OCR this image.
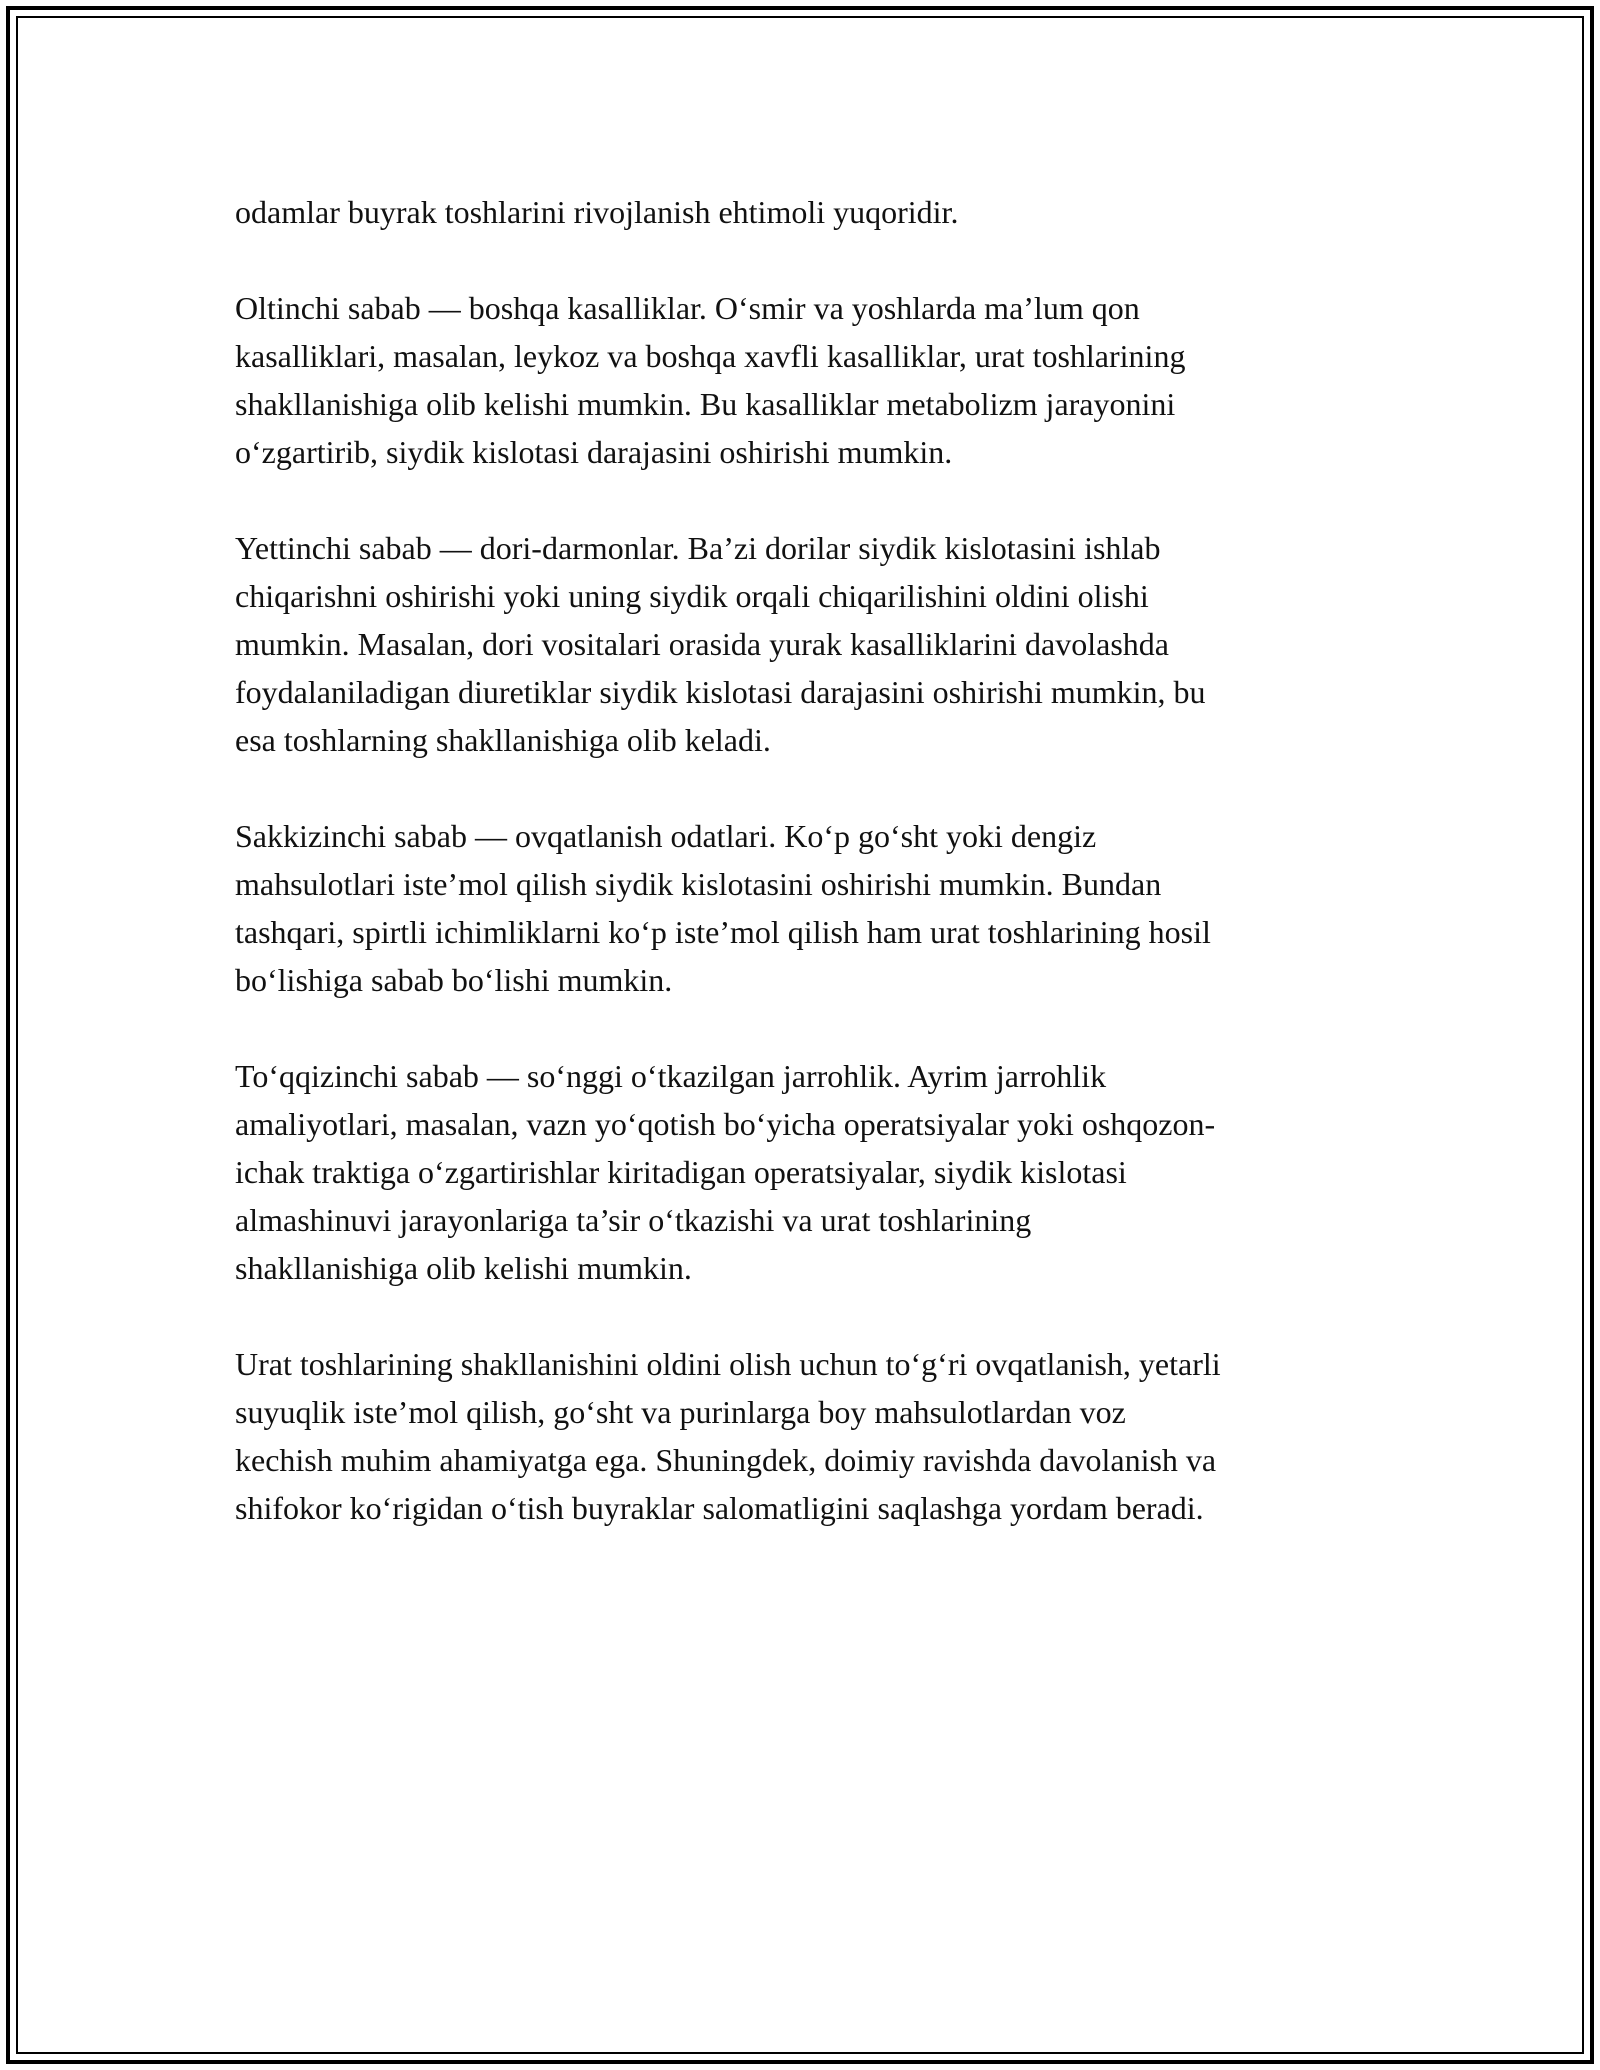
odamlar buyrak toshlarini rivojlanish ehtimoli yuqoridir.

Oltinchi sabab — boshqa kasalliklar. O‘smir va yoshlarda ma’lum qon
kasalliklari, masalan, leykoz va boshqa xavfli kasalliklar, urat toshlarining
shakllanishiga olib kelishi mumkin. Bu kasalliklar metabolizm jarayonini
o‘zgartirib, siydik kislotasi darajasini oshirishi mumkin.

Yettinchi sabab — dori-darmonlar. Ba’zi dorilar siydik kislotasini ishlab
chiqarishni oshirishi yoki uning siydik orqali chiqarilishini oldini olishi
mumkin. Masalan, dori vositalari orasida yurak kasalliklarini davolashda
foydalaniladigan diuretiklar siydik kislotasi darajasini oshirishi mumkin, bu
esa toshlarning shakllanishiga olib keladi.

Sakkizinchi sabab — ovqatlanish odatlari. Ko‘p go‘sht yoki dengiz
mahsulotlari iste’mol qilish siydik kislotasini oshirishi mumkin. Bundan
tashqari, spirtli ichimliklarni ko‘p iste’mol qilish ham urat toshlarining hosil
bo‘lishiga sabab bo‘lishi mumkin.

To‘qqizinchi sabab — so‘nggi o‘tkazilgan jarrohlik. Ayrim jarrohlik
amaliyotlari, masalan, vazn yo‘qotish bo‘yicha operatsiyalar yoki oshqozon-
ichak traktiga o‘zgartirishlar kiritadigan operatsiyalar, siydik kislotasi
almashinuvi jarayonlariga ta’sir o‘tkazishi va urat toshlarining
shakllanishiga olib kelishi mumkin.

Urat toshlarining shakllanishini oldini olish uchun to‘g‘ri ovqatlanish, yetarli
suyuqlik iste’mol qilish, go‘sht va purinlarga boy mahsulotlardan voz
kechish muhim ahamiyatga ega. Shuningdek, doimiy ravishda davolanish va
shifokor ko‘rigidan o‘tish buyraklar salomatligini saqlashga yordam beradi.
